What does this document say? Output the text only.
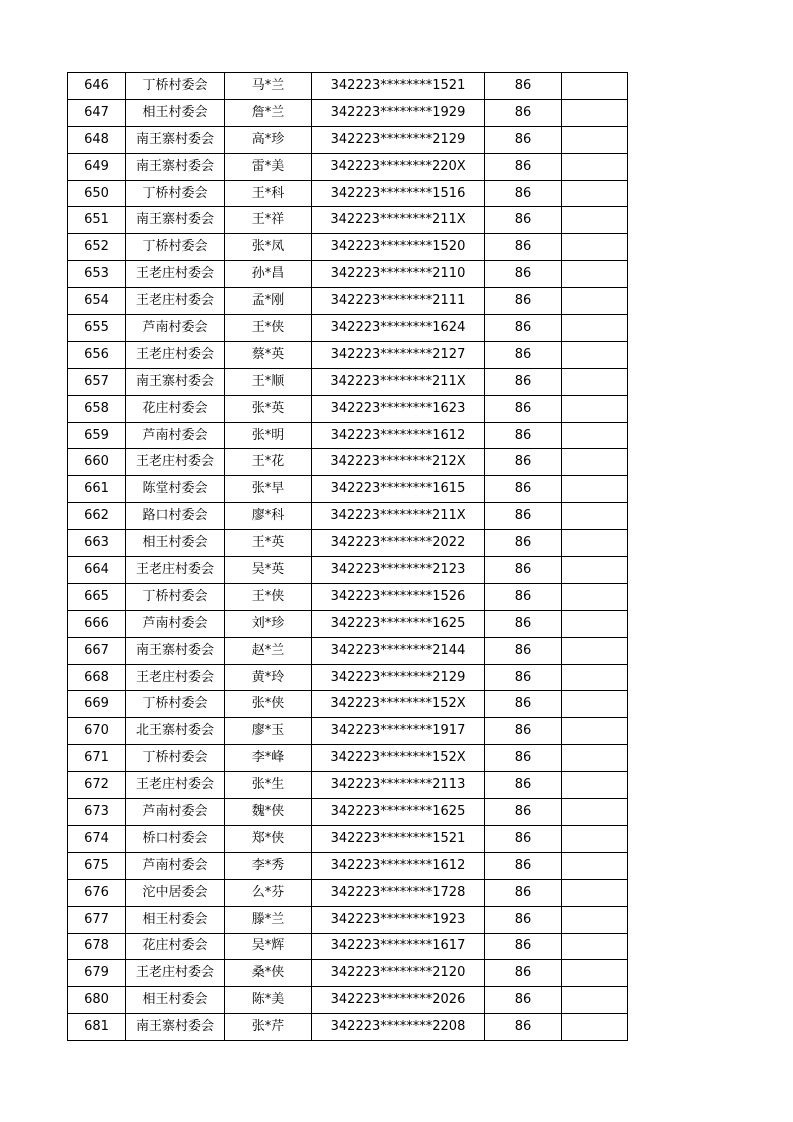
646	丁桥村委会	马*兰	342223********1521	86	
647	相王村委会	詹*兰	342223********1929	86	
648	南王寨村委会	高*珍	342223********2129	86	
649	南王寨村委会	雷*美	342223********220X	86	
650	丁桥村委会	王*科	342223********1516	86	
651	南王寨村委会	王*祥	342223********211X	86	
652	丁桥村委会	张*凤	342223********1520	86	
653	王老庄村委会	孙*昌	342223********2110	86	
654	王老庄村委会	孟*刚	342223********2111	86	
655	芦南村委会	王*侠	342223********1624	86	
656	王老庄村委会	蔡*英	342223********2127	86	
657	南王寨村委会	王*顺	342223********211X	86	
658	花庄村委会	张*英	342223********1623	86	
659	芦南村委会	张*明	342223********1612	86	
660	王老庄村委会	王*花	342223********212X	86	
661	陈堂村委会	张*早	342223********1615	86	
662	路口村委会	廖*科	342223********211X	86	
663	相王村委会	王*英	342223********2022	86	
664	王老庄村委会	吴*英	342223********2123	86	
665	丁桥村委会	王*侠	342223********1526	86	
666	芦南村委会	刘*珍	342223********1625	86	
667	南王寨村委会	赵*兰	342223********2144	86	
668	王老庄村委会	黄*玲	342223********2129	86	
669	丁桥村委会	张*侠	342223********152X	86	
670	北王寨村委会	廖*玉	342223********1917	86	
671	丁桥村委会	李*峰	342223********152X	86	
672	王老庄村委会	张*生	342223********2113	86	
673	芦南村委会	魏*侠	342223********1625	86	
674	桥口村委会	郑*侠	342223********1521	86	
675	芦南村委会	李*秀	342223********1612	86	
676	沱中居委会	么*芬	342223********1728	86	
677	相王村委会	滕*兰	342223********1923	86	
678	花庄村委会	吴*辉	342223********1617	86	
679	王老庄村委会	桑*侠	342223********2120	86	
680	相王村委会	陈*美	342223********2026	86	
681	南王寨村委会	张*芹	342223********2208	86	
